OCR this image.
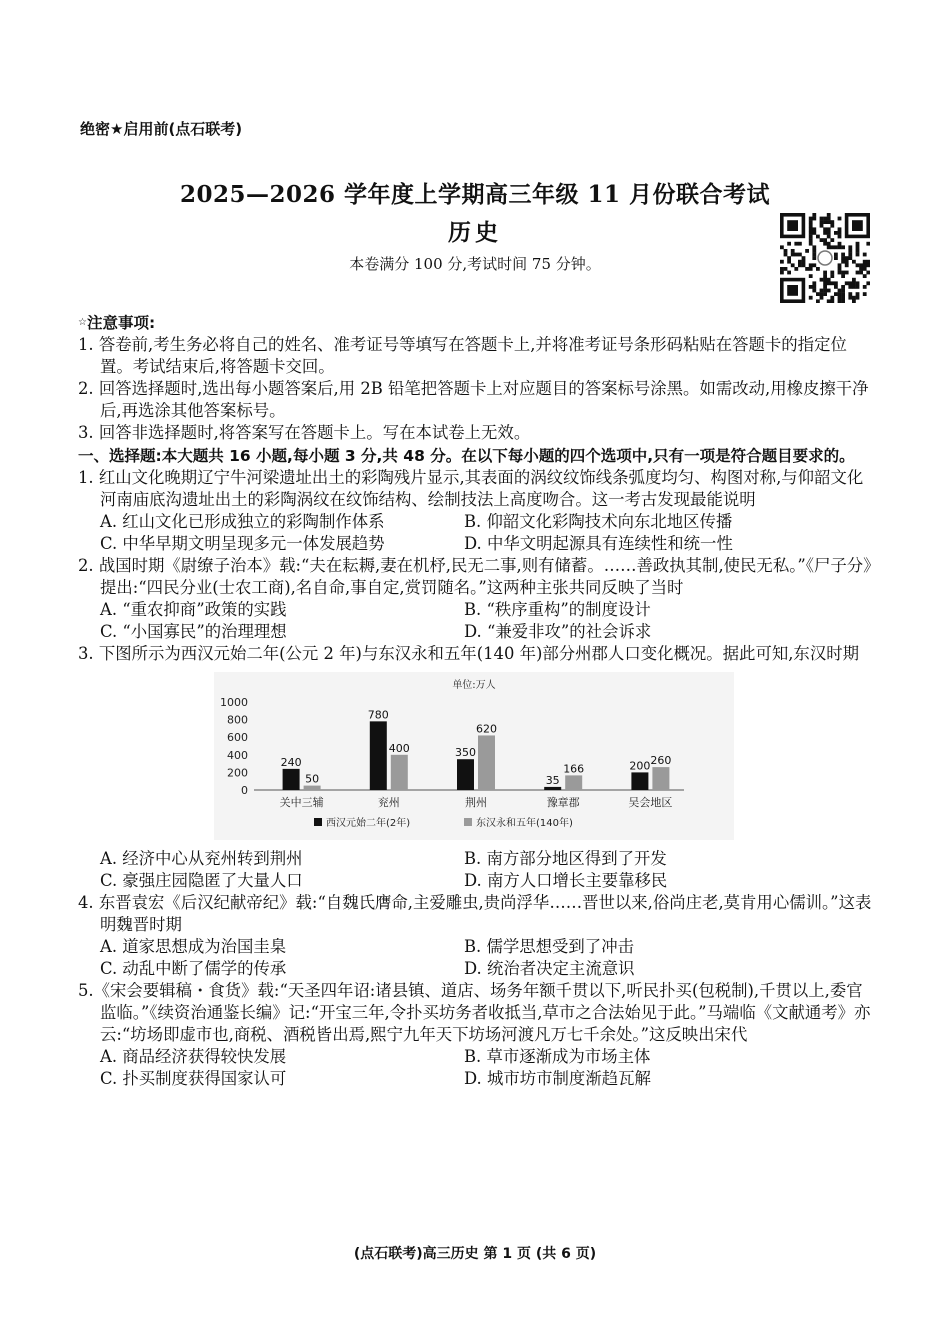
绝密★启用前(点石联考)
2025—2026 学年度上学期高三年级 11 月份联合考试
历史
本卷满分 100 分,考试时间 75 分钟。

☆注意事项:

1. 答卷前,考生务必将自己的姓名、准考证号等填写在答题卡上,并将准考证号条形码粘贴在答题卡的指定位置。考试结束后,将答题卡交回。

2. 回答选择题时,选出每小题答案后,用 2B 铅笔把答题卡上对应题目的答案标号涂黑。如需改动,用橡皮擦干净后,再选涂其他答案标号。

3. 回答非选择题时,将答案写在答题卡上。写在本试卷上无效。

一、选择题:本大题共 16 小题,每小题 3 分,共 48 分。在以下每小题的四个选项中,只有一项是符合题目要求的。

1. 红山文化晚期辽宁牛河梁遗址出土的彩陶残片显示,其表面的涡纹纹饰线条弧度均匀、构图对称,与仰韶文化河南庙底沟遗址出土的彩陶涡纹在纹饰结构、绘制技法上高度吻合。这一考古发现最能说明

A. 红山文化已形成独立的彩陶制作体系	B. 仰韶文化彩陶技术向东北地区传播
C. 中华早期文明呈现多元一体发展趋势	D. 中华文明起源具有连续性和统一性

2. 战国时期《尉缭子治本》载:“夫在耘耨,妻在机杼,民无二事,则有储蓄。……善政执其制,使民无私。”《尸子分》提出:“四民分业(士农工商),名自命,事自定,赏罚随名。”这两种主张共同反映了当时

A. “重农抑商”政策的实践	B. “秩序重构”的制度设计
C. “小国寡民”的治理理想	D. “兼爱非攻”的社会诉求

3. 下图所示为西汉元始二年(公元 2 年)与东汉永和五年(140 年)部分州郡人口变化概况。据此可知,东汉时期

单位:万人
0
200
400
600
800
1000
240
50
关中三辅
780
400
兖州
350
620
荆州
35
166
豫章郡
200 260
吴会地区
西汉元始二年(2年)	东汉永和五年(140年)
A. 经济中心从兖州转到荆州	B. 南方部分地区得到了开发
C. 豪强庄园隐匿了大量人口	D. 南方人口增长主要靠移民

4. 东晋袁宏《后汉纪献帝纪》载:“自魏氏膺命,主爱雕虫,贵尚浮华……晋世以来,俗尚庄老,莫肯用心儒训。”这表明魏晋时期

A. 道家思想成为治国圭臬	B. 儒学思想受到了冲击
C. 动乱中断了儒学的传承	D. 统治者决定主流意识

5.《宋会要辑稿・食货》载:“天圣四年诏:诸县镇、道店、场务年额千贯以下,听民扑买(包税制),千贯以上,委官监临。”《续资治通鉴长编》记:“开宝三年,令扑买坊务者收抵当,草市之合法始见于此。”马端临《文献通考》亦云:“坊场即虚市也,商税、酒税皆出焉,熙宁九年天下坊场河渡凡万七千余处。”这反映出宋代

A. 商品经济获得较快发展	B. 草市逐渐成为市场主体
C. 扑买制度获得国家认可	D. 城市坊市制度渐趋瓦解
(点石联考)高三历史 第 1 页 (共 6 页)
